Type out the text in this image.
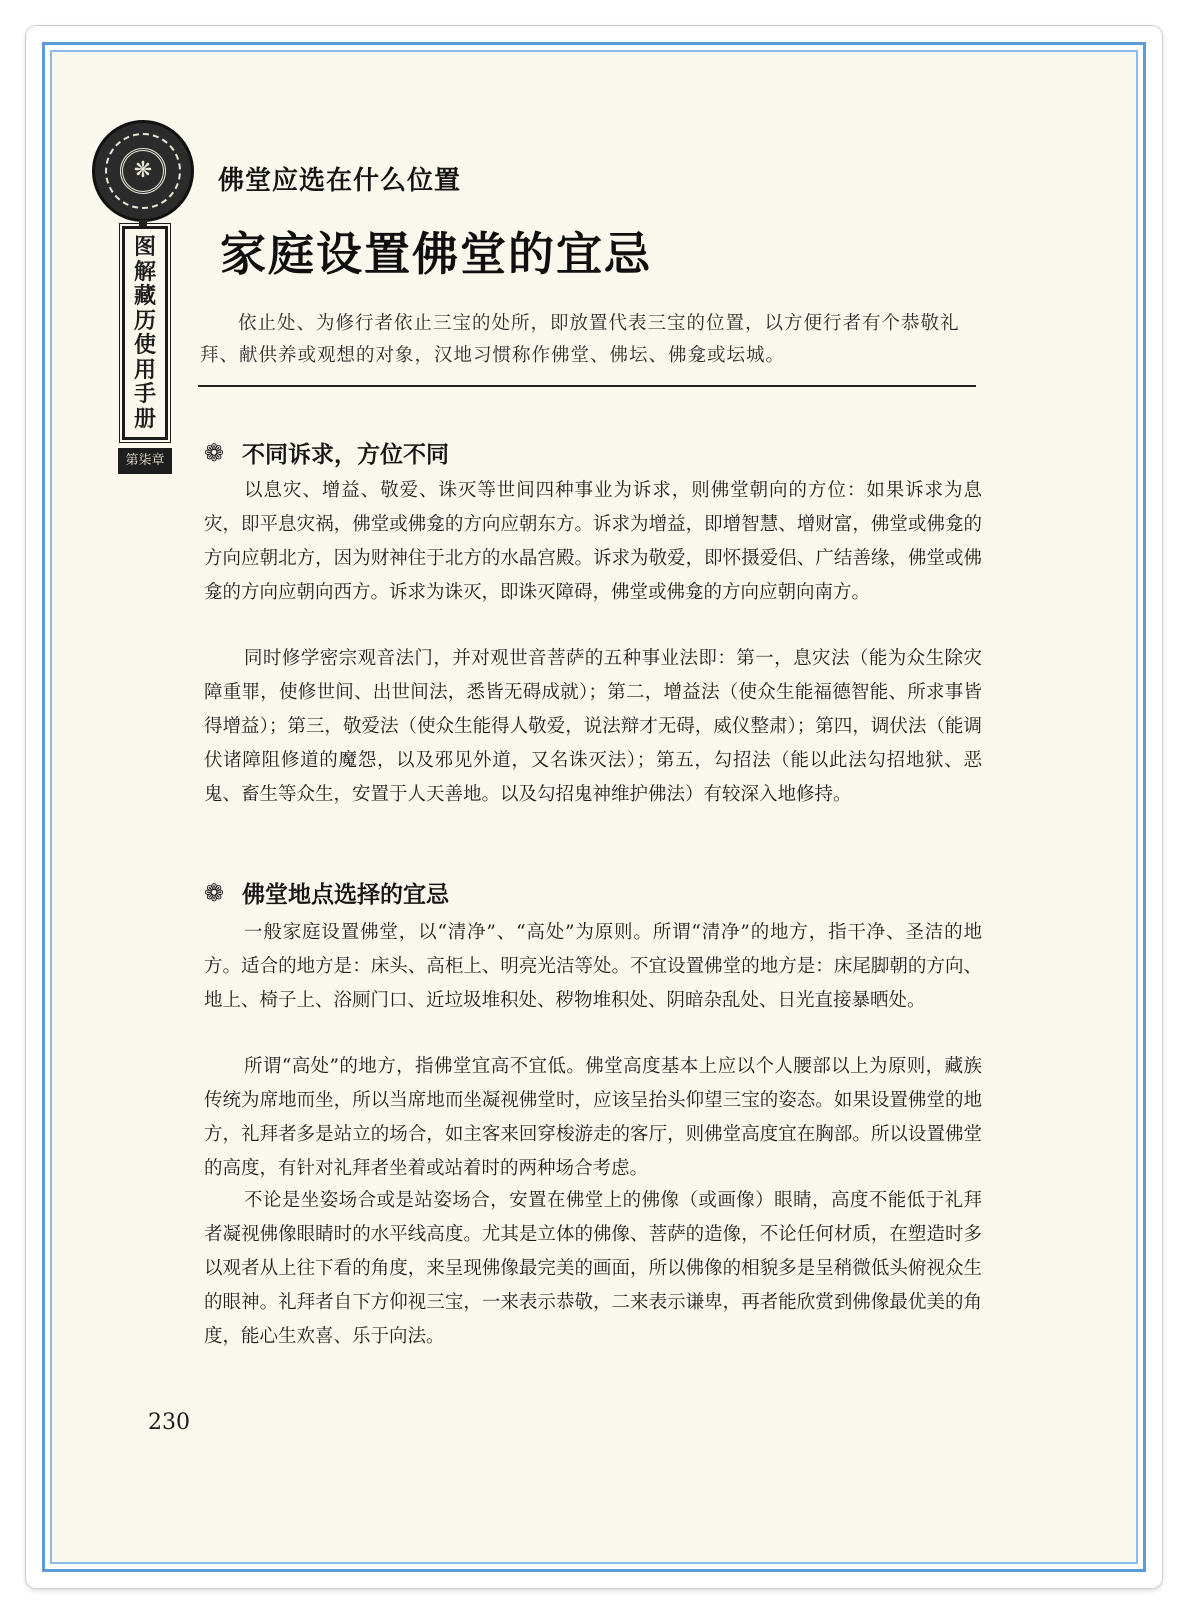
❋
图
解
藏
历
使
用
手
册
第柒章
佛堂应选在什么位置
家庭设置佛堂的宜忌

依止处、为修行者依止三宝的处所，即放置代表三宝的位置，以方便行者有个恭敬礼拜、献供养或观想的对象，汉地习惯称作佛堂、佛坛、佛龛或坛城。

❁ 不同诉求，方位不同

以息灾、增益、敬爱、诛灭等世间四种事业为诉求，则佛堂朝向的方位：如果诉求为息灾，即平息灾祸，佛堂或佛龛的方向应朝东方。诉求为增益，即增智慧、增财富，佛堂或佛龛的方向应朝北方，因为财神住于北方的水晶宫殿。诉求为敬爱，即怀摄爱侣、广结善缘，佛堂或佛龛的方向应朝向西方。诉求为诛灭，即诛灭障碍，佛堂或佛龛的方向应朝向南方。

同时修学密宗观音法门，并对观世音菩萨的五种事业法即：第一，息灾法（能为众生除灾障重罪，使修世间、出世间法，悉皆无碍成就）；第二，增益法（使众生能福德智能、所求事皆得增益）；第三，敬爱法（使众生能得人敬爱，说法辩才无碍，威仪整肃）；第四，调伏法（能调伏诸障阻修道的魔怨，以及邪见外道，又名诛灭法）；第五，勾招法（能以此法勾招地狱、恶鬼、畜生等众生，安置于人天善地。以及勾招鬼神维护佛法）有较深入地修持。

❁ 佛堂地点选择的宜忌

一般家庭设置佛堂，以“清净”、“高处”为原则。所谓“清净”的地方，指干净、圣洁的地方。适合的地方是：床头、高柜上、明亮光洁等处。不宜设置佛堂的地方是：床尾脚朝的方向、地上、椅子上、浴厕门口、近垃圾堆积处、秽物堆积处、阴暗杂乱处、日光直接暴晒处。

所谓“高处”的地方，指佛堂宜高不宜低。佛堂高度基本上应以个人腰部以上为原则，藏族传统为席地而坐，所以当席地而坐凝视佛堂时，应该呈抬头仰望三宝的姿态。如果设置佛堂的地方，礼拜者多是站立的场合，如主客来回穿梭游走的客厅，则佛堂高度宜在胸部。所以设置佛堂的高度，有针对礼拜者坐着或站着时的两种场合考虑。

不论是坐姿场合或是站姿场合，安置在佛堂上的佛像（或画像）眼睛，高度不能低于礼拜者凝视佛像眼睛时的水平线高度。尤其是立体的佛像、菩萨的造像，不论任何材质，在塑造时多以观者从上往下看的角度，来呈现佛像最完美的画面，所以佛像的相貌多是呈稍微低头俯视众生的眼神。礼拜者自下方仰视三宝，一来表示恭敬，二来表示谦卑，再者能欣赏到佛像最优美的角度，能心生欢喜、乐于向法。

230
